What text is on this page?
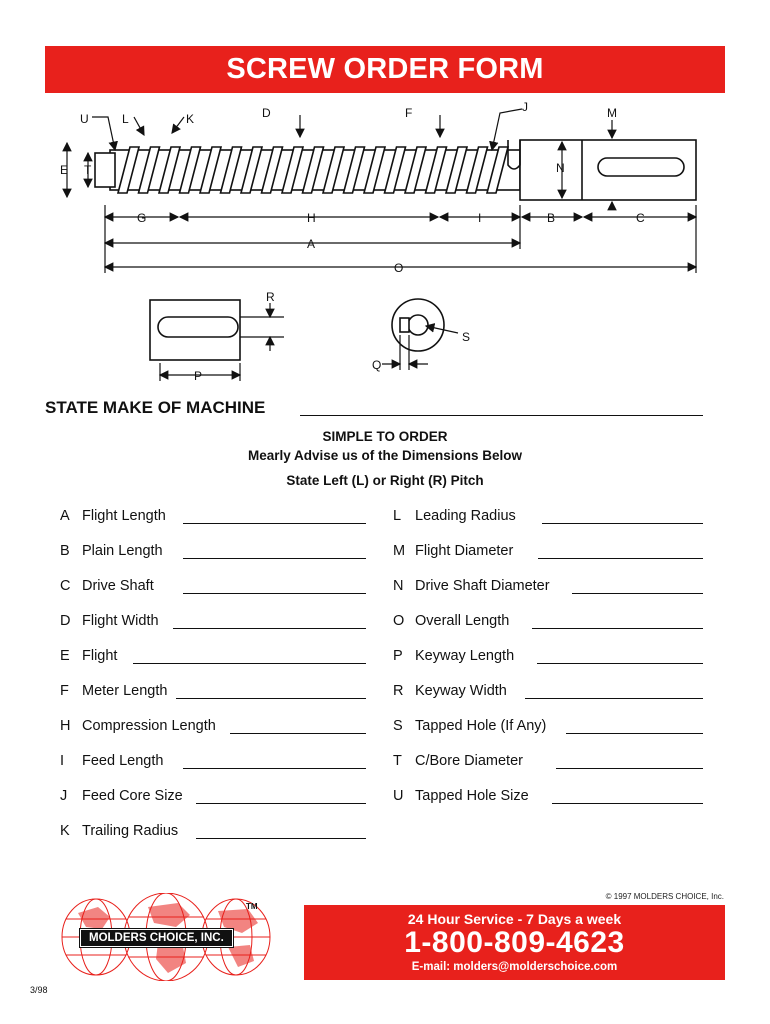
SCREW ORDER FORM
U	L	K	D	F	J	M
E T	N
G	H	I	B	C
A
O
R
P
S
Q
STATE MAKE OF MACHINE
SIMPLE TO ORDER
Mearly Advise us of the Dimensions Below
State Left (L) or Right (R) Pitch
A Flight Length
B Plain Length
C Drive Shaft
D Flight Width
E Flight
F Meter Length
H Compression Length
I Feed Length
J Feed Core Size
K Trailing Radius
L Leading Radius
M Flight Diameter
N Drive Shaft Diameter
O Overall Length
P Keyway Length
R Keyway Width
S Tapped Hole (If Any)
T C/Bore Diameter
U Tapped Hole Size
© 1997 MOLDERS CHOICE, Inc.
MOLDERS CHOICE, INC.
TM
24 Hour Service - 7 Days a week
1-800-809-4623
E-mail: molders@molderschoice.com
3/98
